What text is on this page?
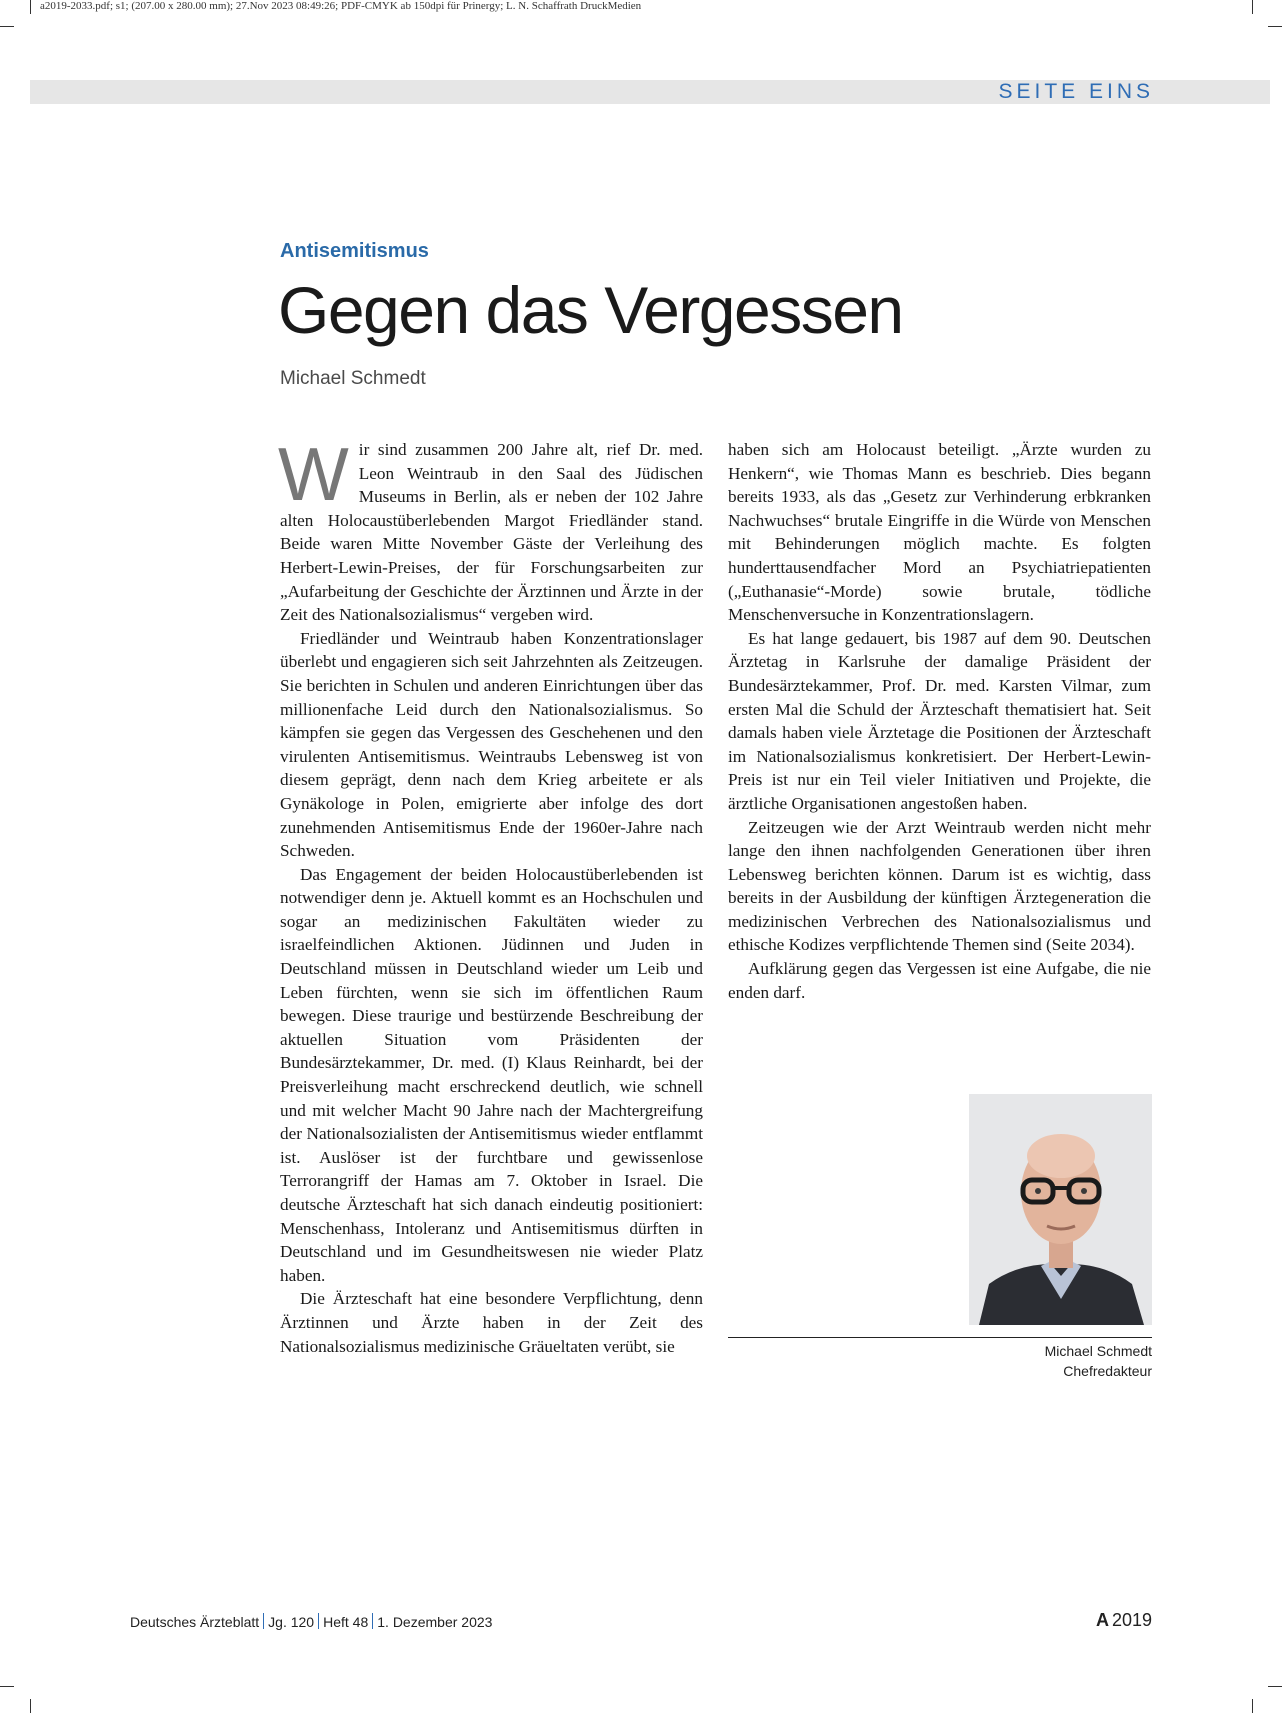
a2019-2033.pdf; s1; (207.00 x 280.00 mm); 27.Nov 2023 08:49:26; PDF-CMYK ab 150dpi für Prinergy; L. N. Schaffrath DruckMedien
SEITE EINS
Antisemitismus
Gegen das Vergessen
Michael Schmedt

Wir sind zusammen 200 Jahre alt, rief Dr. med. Leon Weintraub in den Saal des Jüdischen Museums in Berlin, als er neben der 102 Jahre alten Holocaustüberlebenden Margot Friedländer stand. Beide waren Mitte November Gäste der Verleihung des Herbert-Lewin-Preises, der für Forschungsarbeiten zur „Aufarbeitung der Geschichte der Ärztinnen und Ärzte in der Zeit des Nationalsozialismus“ vergeben wird.

Friedländer und Weintraub haben Konzentrationslager überlebt und engagieren sich seit Jahrzehnten als Zeitzeugen. Sie berichten in Schulen und anderen Einrichtungen über das millionenfache Leid durch den Nationalsozialismus. So kämpfen sie gegen das Vergessen des Geschehenen und den virulenten Antisemitismus. Weintraubs Lebensweg ist von diesem geprägt, denn nach dem Krieg arbeitete er als Gynäkologe in Polen, emigrierte aber infolge des dort zunehmenden Antisemitismus Ende der 1960er-Jahre nach Schweden.

Das Engagement der beiden Holocaustüberlebenden ist notwendiger denn je. Aktuell kommt es an Hochschulen und sogar an medizinischen Fakultäten wieder zu israelfeindlichen Aktionen. Jüdinnen und Juden in Deutschland müssen in Deutschland wieder um Leib und Leben fürchten, wenn sie sich im öffentlichen Raum bewegen. Diese traurige und bestürzende Beschreibung der aktuellen Situation vom Präsidenten der Bundesärztekammer, Dr. med. (I) Klaus Reinhardt, bei der Preisverleihung macht erschreckend deutlich, wie schnell und mit welcher Macht 90 Jahre nach der Machtergreifung der Nationalsozialisten der Antisemitismus wieder entflammt ist. Auslöser ist der furchtbare und gewissenlose Terrorangriff der Hamas am 7. Oktober in Israel. Die deutsche Ärzteschaft hat sich danach eindeutig positioniert: Menschenhass, Intoleranz und Antisemitismus dürften in Deutschland und im Gesundheitswesen nie wieder Platz haben.

Die Ärzteschaft hat eine besondere Verpflichtung, denn Ärztinnen und Ärzte haben in der Zeit des Nationalsozialismus medizinische Gräueltaten verübt, sie

haben sich am Holocaust beteiligt. „Ärzte wurden zu Henkern“, wie Thomas Mann es beschrieb. Dies begann bereits 1933, als das „Gesetz zur Verhinderung erbkranken Nachwuchses“ brutale Eingriffe in die Würde von Menschen mit Behinderungen möglich machte. Es folgten hunderttausendfacher Mord an Psychiatriepatienten („Euthanasie“-Morde) sowie brutale, tödliche Menschenversuche in Konzentrationslagern.

Es hat lange gedauert, bis 1987 auf dem 90. Deutschen Ärztetag in Karlsruhe der damalige Präsident der Bundesärztekammer, Prof. Dr. med. Karsten Vilmar, zum ersten Mal die Schuld der Ärzteschaft thematisiert hat. Seit damals haben viele Ärztetage die Positionen der Ärzteschaft im Nationalsozialismus konkretisiert. Der Herbert-Lewin-Preis ist nur ein Teil vieler Initiativen und Projekte, die ärztliche Organisationen angestoßen haben.

Zeitzeugen wie der Arzt Weintraub werden nicht mehr lange den ihnen nachfolgenden Generationen über ihren Lebensweg berichten können. Darum ist es wichtig, dass bereits in der Ausbildung der künftigen Ärztegeneration die medizinischen Verbrechen des Nationalsozialismus und ethische Kodizes verpflichtende Themen sind (Seite 2034).

Aufklärung gegen das Vergessen ist eine Aufgabe, die nie enden darf.

Michael Schmedt
Chefredakteur
Deutsches Ärzteblatt Jg. 120 Heft 48 1. Dezember 2023	A 2019
